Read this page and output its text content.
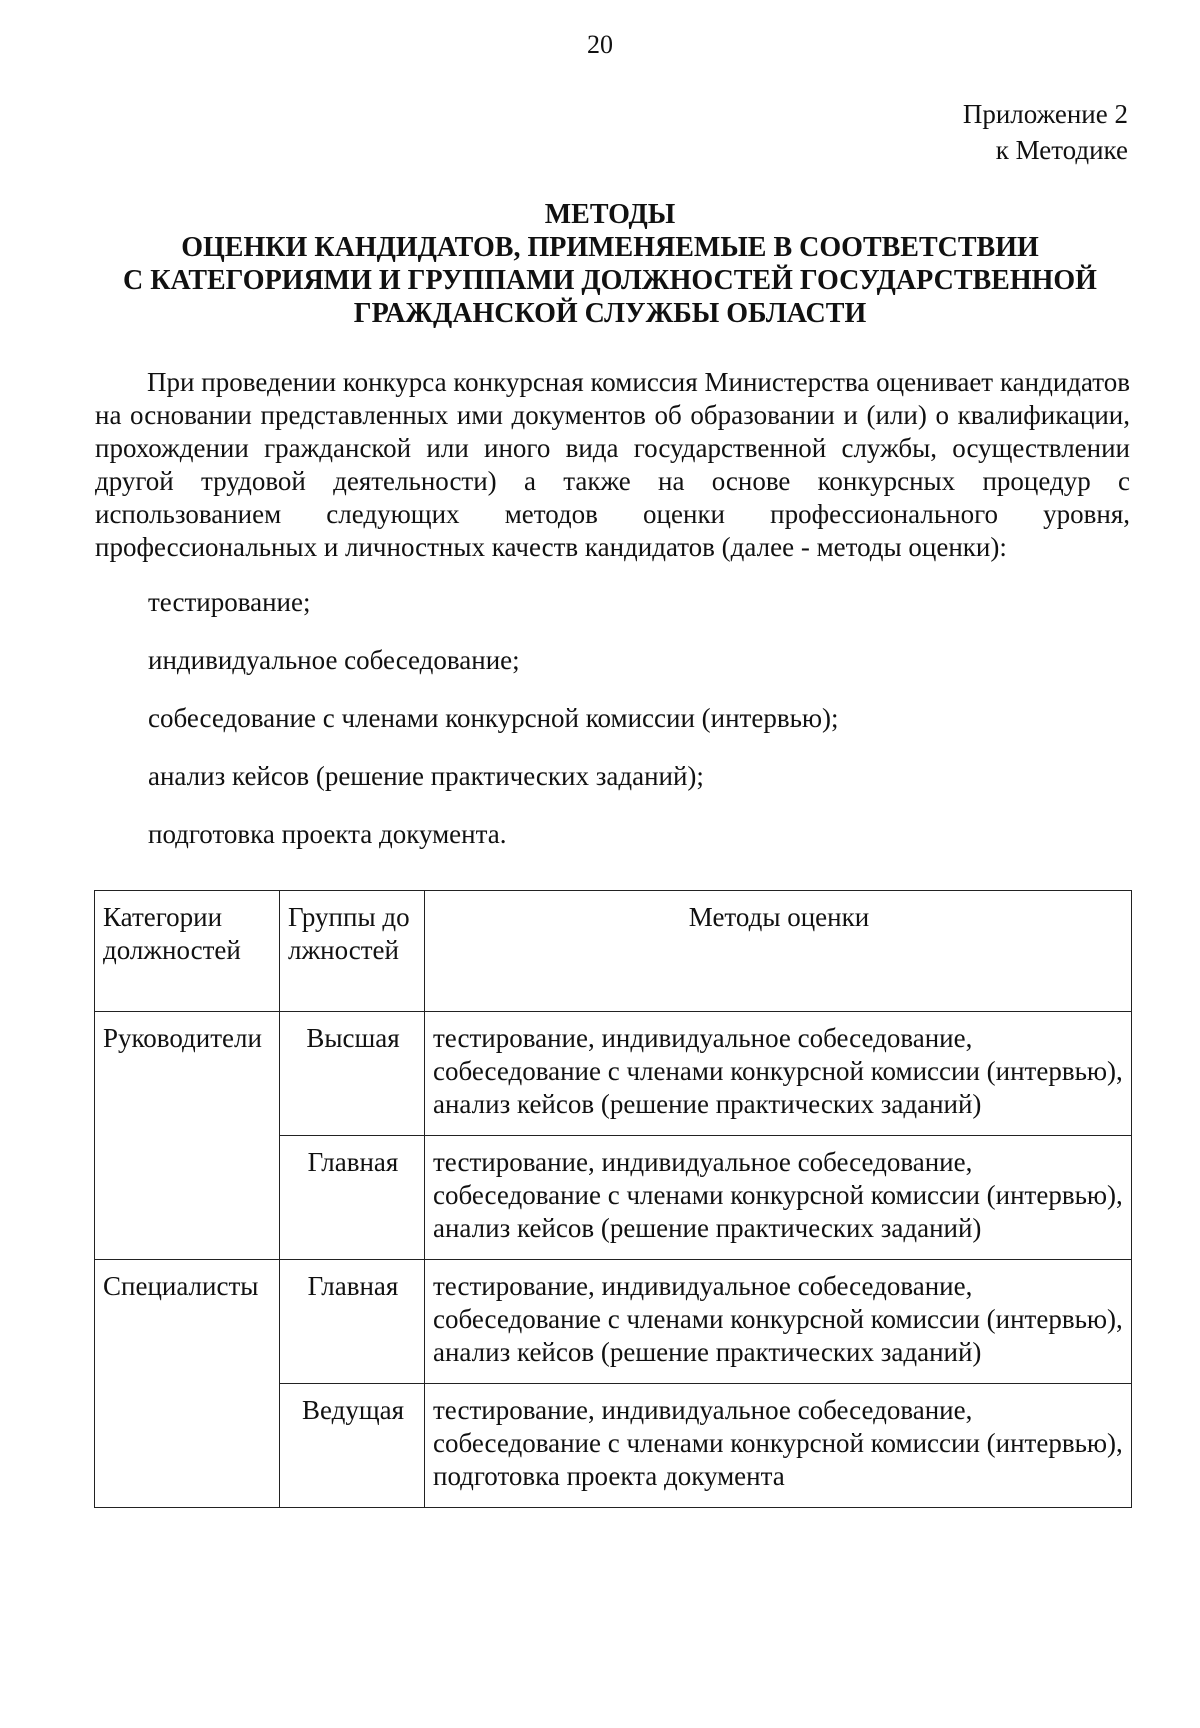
20
Приложение 2
к Методике
МЕТОДЫ
ОЦЕНКИ КАНДИДАТОВ, ПРИМЕНЯЕМЫЕ В СООТВЕТСТВИИ
С КАТЕГОРИЯМИ И ГРУППАМИ ДОЛЖНОСТЕЙ ГОСУДАРСТВЕННОЙ
ГРАЖДАНСКОЙ СЛУЖБЫ ОБЛАСТИ

При проведении конкурса конкурсная комиссия Министерства оценивает кандидатов на основании представленных ими документов об образовании и (или) о квалификации, прохождении гражданской или иного вида государственной службы, осуществлении другой трудовой деятельности) а также на основе конкурсных процедур с использованием следующих методов оценки профессионального уровня, профессиональных и личностных качеств кандидатов (далее - методы оценки):

тестирование;
индивидуальное собеседование;
собеседование с членами конкурсной комиссии (интервью);
анализ кейсов (решение практических заданий);
подготовка проекта документа.
Категории должностей	Группы должностей	Методы оценки
Руководители	Высшая	тестирование, индивидуальное собеседование, собеседование с членами конкурсной комиссии (интервью), анализ кейсов (решение практических заданий)
	Главная	тестирование, индивидуальное собеседование, собеседование с членами конкурсной комиссии (интервью), анализ кейсов (решение практических заданий)
Специалисты	Главная	тестирование, индивидуальное собеседование, собеседование с членами конкурсной комиссии (интервью), анализ кейсов (решение практических заданий)
	Ведущая	тестирование, индивидуальное собеседование, собеседование с членами конкурсной комиссии (интервью), подготовка проекта документа
